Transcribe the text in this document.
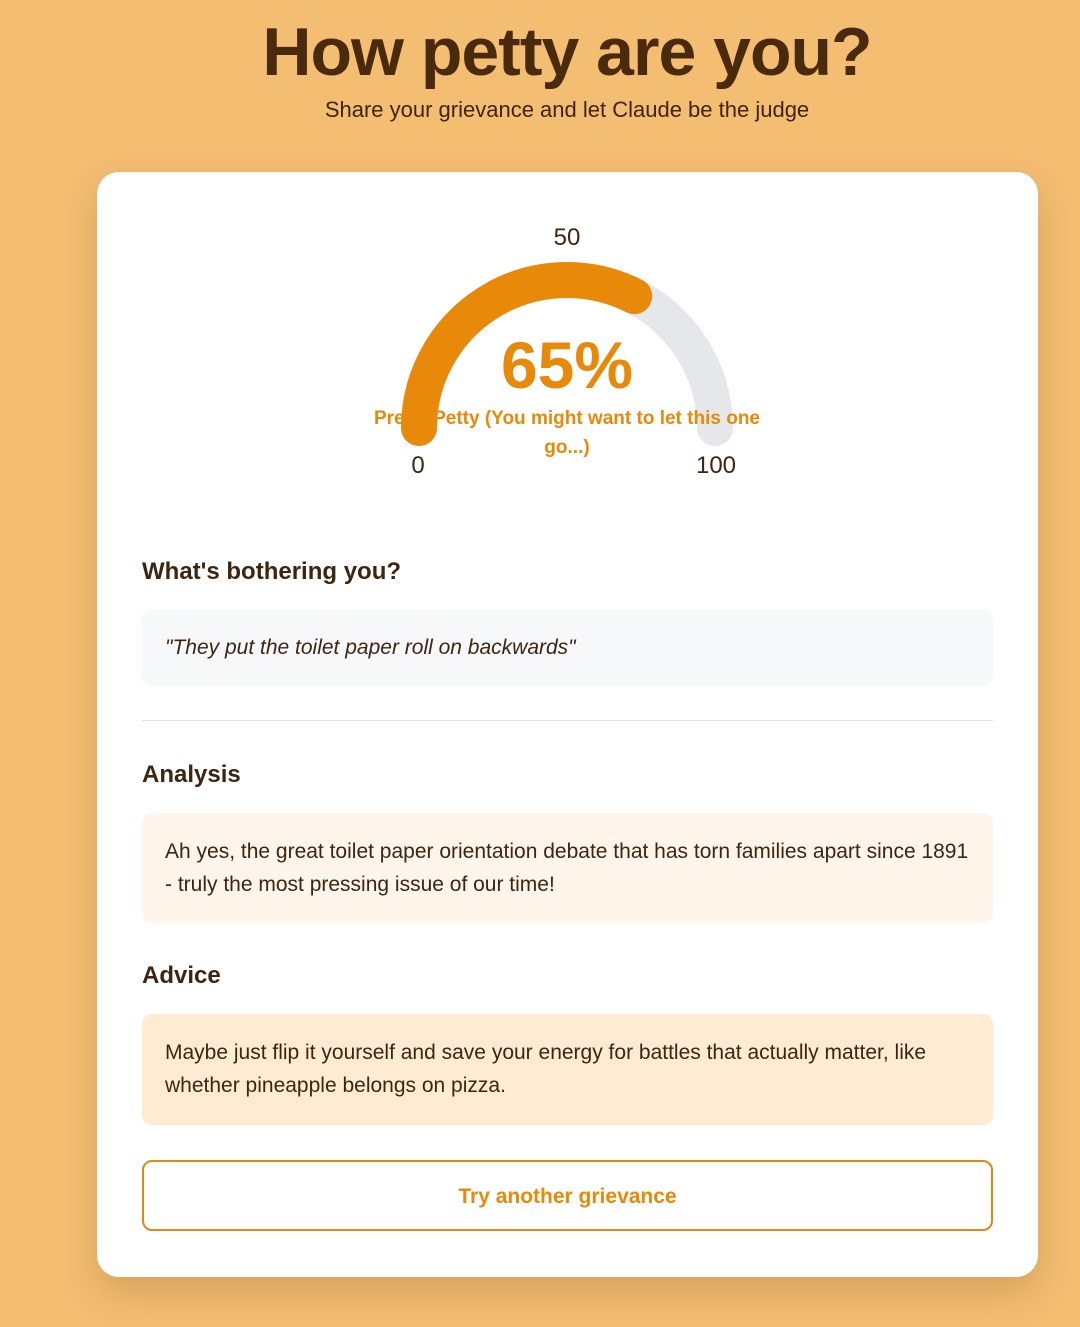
How petty are you?
Share your grievance and let Claude be the judge
50
0	100
65%
Pretty Petty (You might want to let this one go...)
What's bothering you?
"They put the toilet paper roll on backwards"
Analysis
Ah yes, the great toilet paper orientation debate that has torn families apart since 1891 - truly the most pressing issue of our time!
Advice
Maybe just flip it yourself and save your energy for battles that actually matter, like whether pineapple belongs on pizza.
Try another grievance
